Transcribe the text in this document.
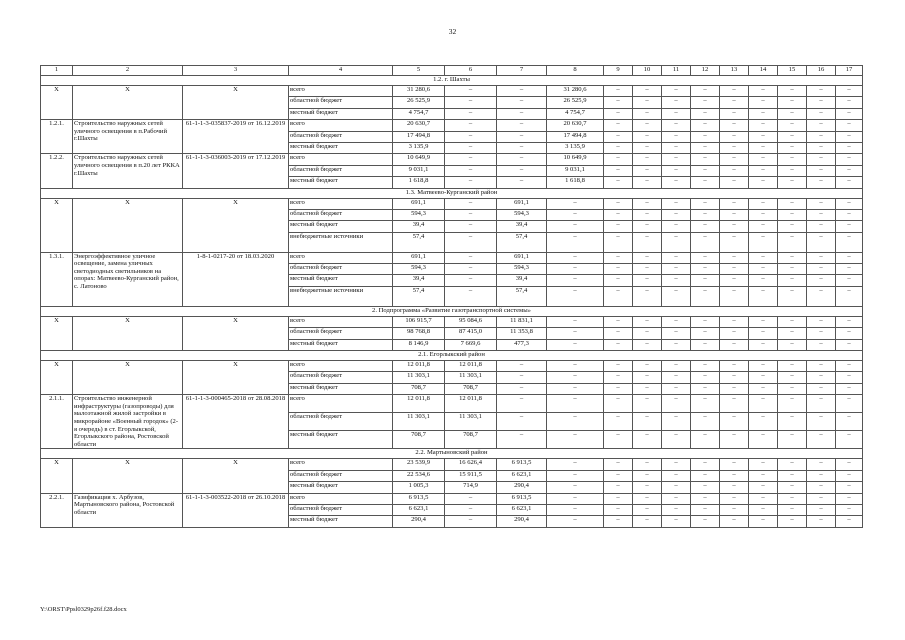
32
1	2	3	4	5	6	7	8	9	10	11	12	13	14	15	16	17
1.2. г. Шахты																
Х	Х	Х	всего	31 280,6	–	–	31 280,6	–	–	–	–	–	–	–	–	–
			областной бюджет	26 525,9	–	–	26 525,9	–	–	–	–	–	–	–	–	–
			местный бюджет	4 754,7	–	–	4 754,7	–	–	–	–	–	–	–	–	–
1.2.1.	Строительство наружных сетей уличного освещения в п.Рабочий г.Шахты	61-1-1-3-035837-2019 от 16.12.2019	всего	20 630,7	–	–	20 630,7	–	–	–	–	–	–	–	–	–
			областной бюджет	17 494,8	–	–	17 494,8	–	–	–	–	–	–	–	–	–
			местный бюджет	3 135,9	–	–	3 135,9	–	–	–	–	–	–	–	–	–
1.2.2.	Строительство наружных сетей уличного освещения в п.20 лет РККА г.Шахты	61-1-1-3-036003-2019 от 17.12.2019	всего	10 649,9	–	–	10 649,9	–	–	–	–	–	–	–	–	–
			областной бюджет	9 031,1	–	–	9 031,1	–	–	–	–	–	–	–	–	–
			местный бюджет	1 618,8	–	–	1 618,8	–	–	–	–	–	–	–	–	–
1.3. Матвеево-Курганский район																
Х	Х	Х	всего	691,1	–	691,1	–	–	–	–	–	–	–	–	–	–
			областной бюджет	594,3	–	594,3	–	–	–	–	–	–	–	–	–	–
			местный бюджет	39,4	–	39,4	–	–	–	–	–	–	–	–	–	–
			внебюджетные источники	57,4	–	57,4	–	–	–	–	–	–	–	–	–	–
1.3.1.	Энергоэффективное уличное освещение, замена уличных светодиодных светильников на опорах: Матвеево-Курганский район, с. Латоново	1-8-1-0217-20 от 18.03.2020	всего	691,1	–	691,1	–	–	–	–	–	–	–	–	–	–
			областной бюджет	594,3	–	594,3	–	–	–	–	–	–	–	–	–	–
			местный бюджет	39,4	–	39,4	–	–	–	–	–	–	–	–	–	–
			внебюджетные источники	57,4	–	57,4	–	–	–	–	–	–	–	–	–	–
2. Подпрограмма «Развитие газотранспортной системы»																
Х	Х	Х	всего	106 915,7	95 084,6	11 831,1	–	–	–	–	–	–	–	–	–	–
			областной бюджет	98 768,8	87 415,0	11 353,8	–	–	–	–	–	–	–	–	–	–
			местный бюджет	8 146,9	7 669,6	477,3	–	–	–	–	–	–	–	–	–	–
2.1. Егорлыкский район																
Х	Х	Х	всего	12 011,8	12 011,8	–	–	–	–	–	–	–	–	–	–	–
			областной бюджет	11 303,1	11 303,1	–	–	–	–	–	–	–	–	–	–	–
			местный бюджет	708,7	708,7	–	–	–	–	–	–	–	–	–	–	–
2.1.1.	Строительство инженерной инфраструктуры (газопроводы) для малоэтажной жилой застройки в микрорайоне «Военный городок» (2-я очередь) в ст. Егорлыкской, Егорлыкского района, Ростовской области	61-1-1-3-000465-2018 от 28.08.2018	всего	12 011,8	12 011,8	–	–	–	–	–	–	–	–	–	–	–
			областной бюджет	11 303,1	11 303,1	–	–	–	–	–	–	–	–	–	–	–
			местный бюджет	708,7	708,7	–	–	–	–	–	–	–	–	–	–	–
2.2. Мартыновский район																
Х	Х	Х	всего	23 539,9	16 626,4	6 913,5	–	–	–	–	–	–	–	–	–	–
			областной бюджет	22 534,6	15 911,5	6 623,1	–	–	–	–	–	–	–	–	–	–
			местный бюджет	1 005,3	714,9	290,4	–	–	–	–	–	–	–	–	–	–
2.2.1.	Газификация х. Арбузов, Мартыновского района, Ростовской области	61-1-1-3-003522-2018 от 26.10.2018	всего	6 913,5	–	6 913,5	–	–	–	–	–	–	–	–	–	–
			областной бюджет	6 623,1	–	6 623,1	–	–	–	–	–	–	–	–	–	–
			местный бюджет	290,4	–	290,4	–	–	–	–	–	–	–	–	–	–
Y:\ORST\Ppsl0329p26f.f28.docx
